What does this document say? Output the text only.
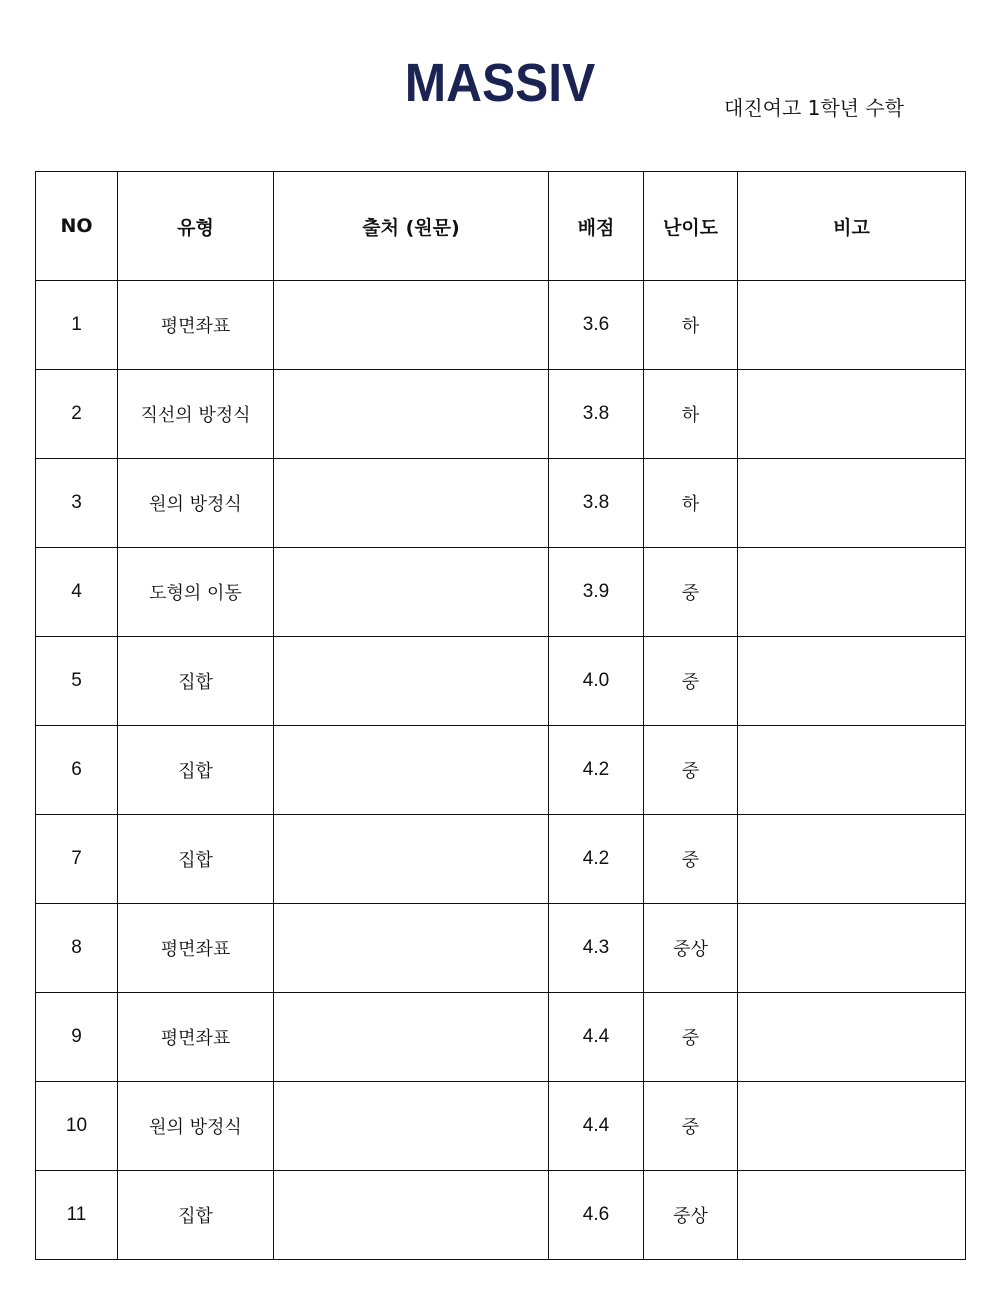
MASSIV	대진여고 1학년 수학
NO	유형	출처 (원문)	배점	난이도	비고
1	평면좌표		3.6	하	
2	직선의 방정식		3.8	하	
3	원의 방정식		3.8	하	
4	도형의 이동		3.9	중	
5	집합		4.0	중	
6	집합		4.2	중	
7	집합		4.2	중	
8	평면좌표		4.3	중상	
9	평면좌표		4.4	중	
10	원의 방정식		4.4	중	
11	집합		4.6	중상	
